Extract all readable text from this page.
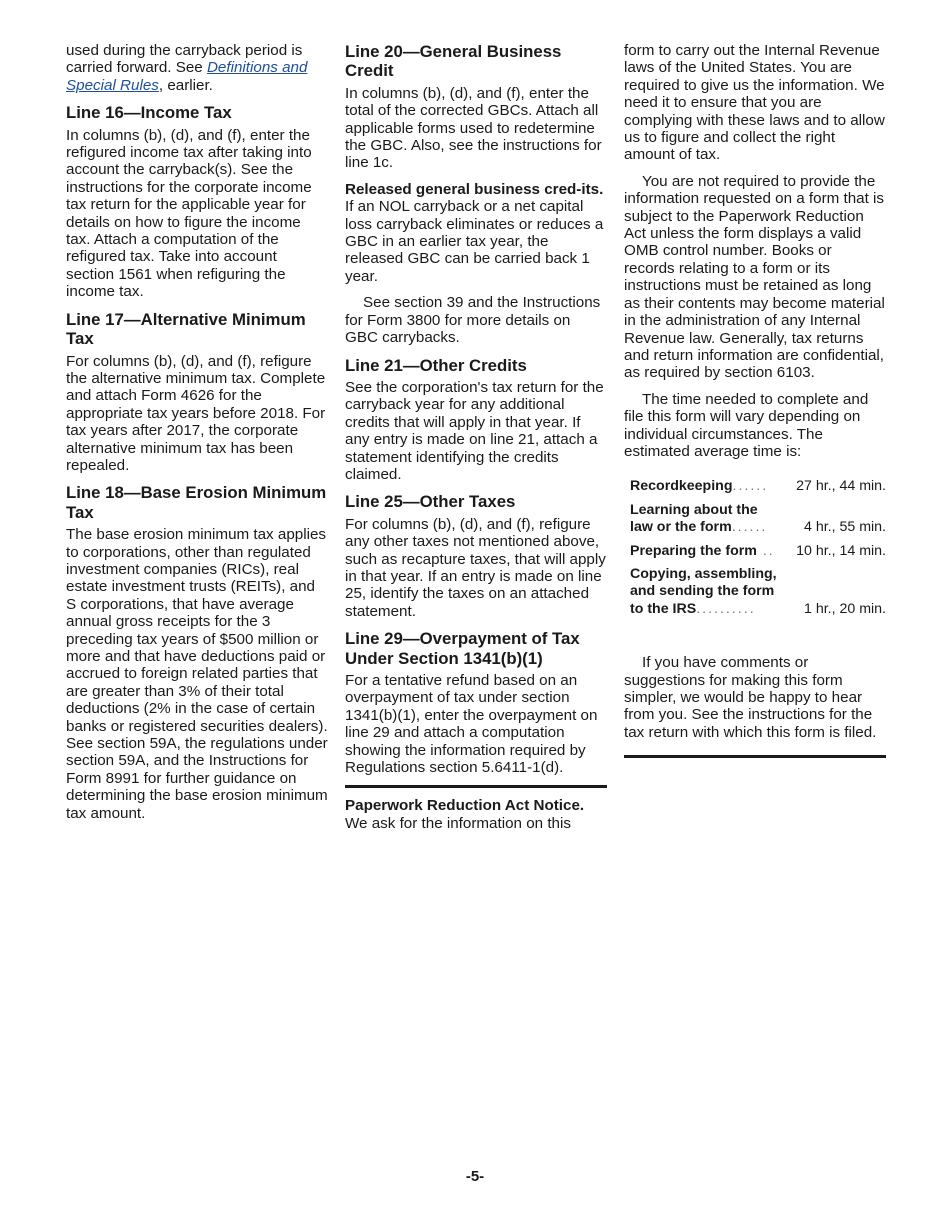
used during the carryback period is carried forward. See Definitions and Special Rules, earlier.

Line 16—Income Tax

In columns (b), (d), and (f), enter the refigured income tax after taking into account the carryback(s). See the instructions for the corporate income tax return for the applicable year for details on how to figure the income tax. Attach a computation of the refigured tax. Take into account section 1561 when refiguring the income tax.

Line 17—Alternative Minimum Tax

For columns (b), (d), and (f), refigure the alternative minimum tax. Complete and attach Form 4626 for the appropriate tax years before 2018. For tax years after 2017, the corporate alternative minimum tax has been repealed.

Line 18—Base Erosion Minimum Tax

The base erosion minimum tax applies to corporations, other than regulated investment companies (RICs), real estate investment trusts (REITs), and S corporations, that have average annual gross receipts for the 3 preceding tax years of $500 million or more and that have deductions paid or accrued to foreign related parties that are greater than 3% of their total deductions (2% in the case of certain banks or registered securities dealers). See section 59A, the regulations under section 59A, and the Instructions for Form 8991 for further guidance on determining the base erosion minimum tax amount.

Line 20—General Business Credit

In columns (b), (d), and (f), enter the total of the corrected GBCs. Attach all applicable forms used to redetermine the GBC. Also, see the instructions for line 1c.

Released general business cred-its. If an NOL carryback or a net capital loss carryback eliminates or reduces a GBC in an earlier tax year, the released GBC can be carried back 1 year.

See section 39 and the Instructions for Form 3800 for more details on GBC carrybacks.

Line 21—Other Credits

See the corporation's tax return for the carryback year for any additional credits that will apply in that year. If any entry is made on line 21, attach a statement identifying the credits claimed.

Line 25—Other Taxes

For columns (b), (d), and (f), refigure any other taxes not mentioned above, such as recapture taxes, that will apply in that year. If an entry is made on line 25, identify the taxes on an attached statement.

Line 29—Overpayment of Tax Under Section 1341(b)(1)

For a tentative refund based on an overpayment of tax under section 1341(b)(1), enter the overpayment on line 29 and attach a computation showing the information required by Regulations section 5.6411-1(d).

Paperwork Reduction Act Notice.
We ask for the information on this

form to carry out the Internal Revenue laws of the United States. You are required to give us the information. We need it to ensure that you are complying with these laws and to allow us to figure and collect the right amount of tax.

You are not required to provide the information requested on a form that is subject to the Paperwork Reduction Act unless the form displays a valid OMB control number. Books or records relating to a form or its instructions must be retained as long as their contents may become material in the administration of any Internal Revenue law. Generally, tax returns and return information are confidential, as required by section 6103.

The time needed to complete and file this form will vary depending on individual circumstances. The estimated average time is:

Recordkeeping...... 27 hr., 44 min.
Learning about the
law or the form......	4 hr., 55 min.
Preparing the form .. 10 hr., 14 min.
Copying, assembling,
and sending the form
to the IRS..........	1 hr., 20 min.

If you have comments or suggestions for making this form simpler, we would be happy to hear from you. See the instructions for the tax return with which this form is filed.

-5-
